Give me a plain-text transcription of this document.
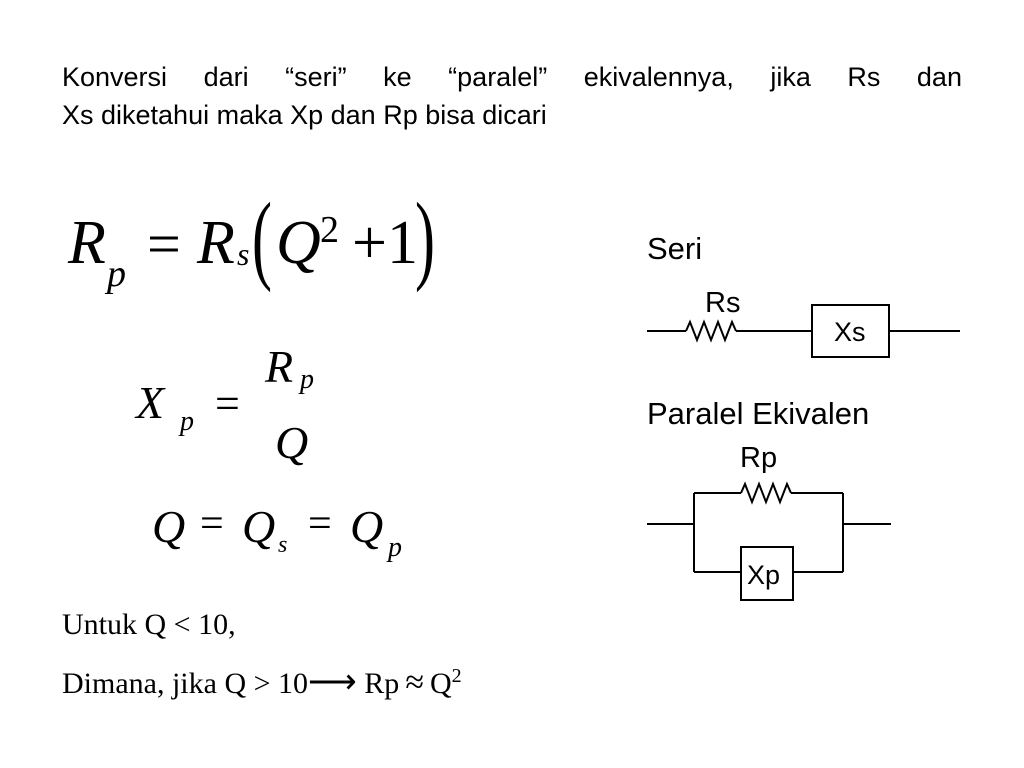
Konversi dari “seri” ke “paralel” ekivalennya, jika Rs dan
Xs diketahui maka Xp dan Rp bisa dicari
R p = R s ( Q 2 +1
)
X p =
R p
Q
Q = Q s = Q p
Untuk Q < 10,
Dimana, jika Q > 10⟶ $Rp \approx Q^2$
Seri
Rs
Xs
Paralel Ekivalen
Rp
Xp
